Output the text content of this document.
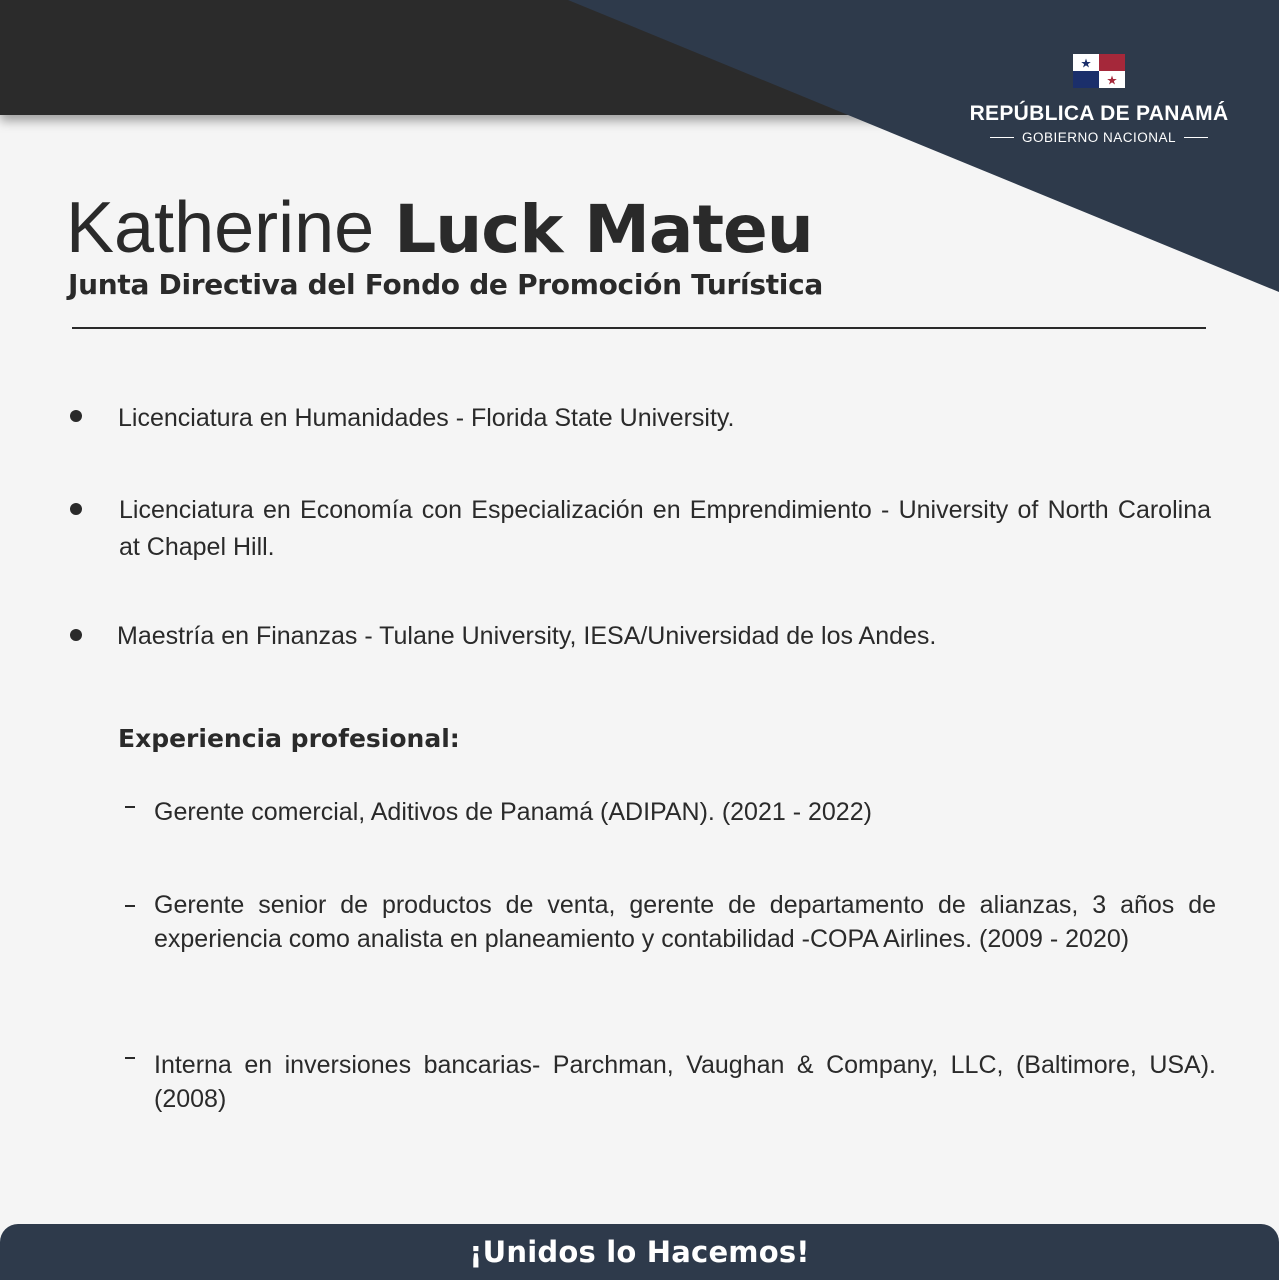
REPÚBLICA DE PANAMÁ
GOBIERNO NACIONAL
Katherine Luck Mateu
Junta Directiva del Fondo de Promoción Turística
Licenciatura en Humanidades - Florida State University.
Licenciatura en Economía con Especialización en Emprendimiento - University of North Carolina at Chapel Hill.
Maestría en Finanzas - Tulane University, IESA/Universidad de los Andes.
Experiencia profesional:
Gerente comercial, Aditivos de Panamá (ADIPAN). (2021 - 2022)
Gerente senior de productos de venta, gerente de departamento de alianzas, 3 años de experiencia como analista en planeamiento y contabilidad -COPA Airlines. (2009 - 2020)
Interna en inversiones bancarias- Parchman, Vaughan & Company, LLC, (Baltimore, USA). (2008)
¡Unidos lo Hacemos!
